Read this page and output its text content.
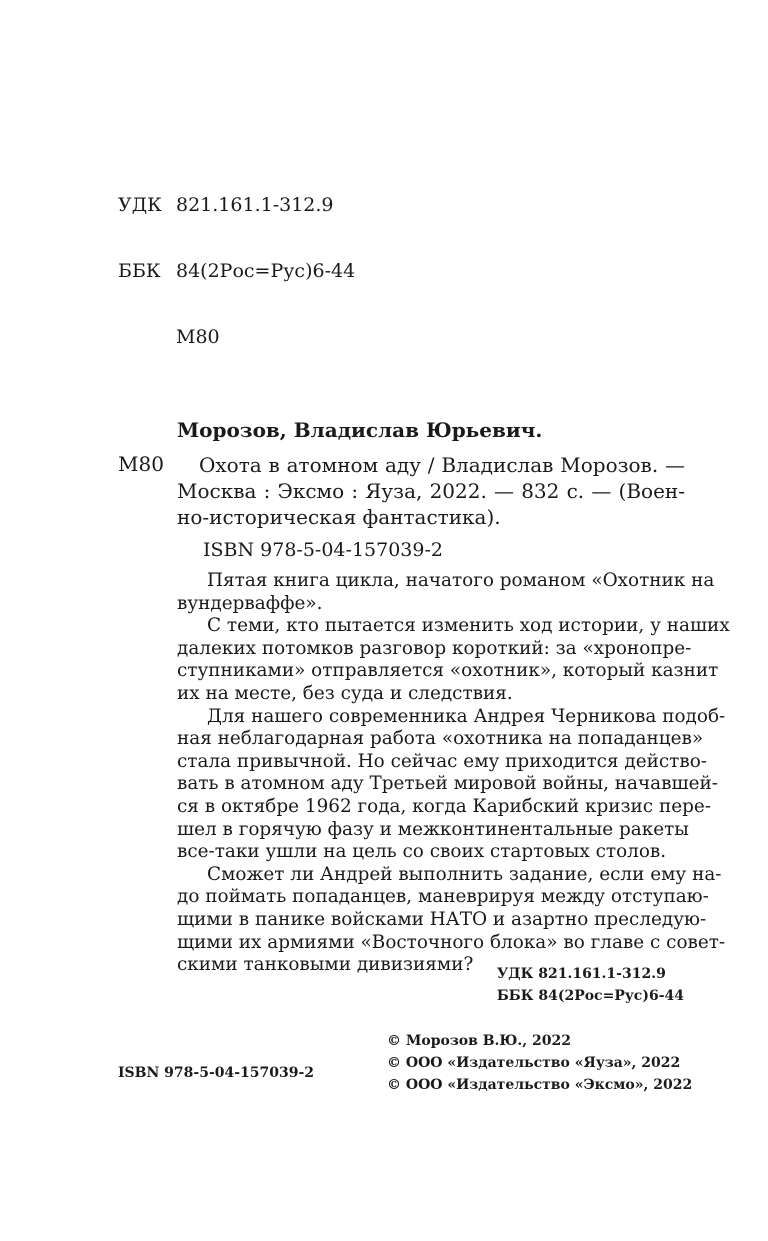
УДК 821.161.1-312.9

ББК 84(2Рос=Рус)6-44

М80

Морозов, Владислав Юрьевич.
М80	Охота в атомном аду / Владислав Морозов. —
Москва : Эксмо : Яуза, 2022. — 832 с. — (Воен-
но-историческая фантастика).
ISBN 978-5-04-157039-2
Пятая книга цикла, начатого романом «Охотник на
вундерваффе».
С теми, кто пытается изменить ход истории, у наших
далеких потомков разговор короткий: за «хронопре-
ступниками» отправляется «охотник», который казнит
их на месте, без суда и следствия.
Для нашего современника Андрея Черникова подоб-
ная неблагодарная работа «охотника на попаданцев»
стала привычной. Но сейчас ему приходится действо-
вать в атомном аду Третьей мировой войны, начавшей-
ся в октябре 1962 года, когда Карибский кризис пере-
шел в горячую фазу и межконтинентальные ракеты
все-таки ушли на цель со своих стартовых столов.
Сможет ли Андрей выполнить задание, если ему на-
до поймать попаданцев, маневрируя между отступаю-
щими в панике войсками НАТО и азартно преследую-
щими их армиями «Восточного блока» во главе с совет-
скими танковыми дивизиями?	УДК 821.161.1-312.9
ББК 84(2Рос=Рус)6-44
© Морозов В.Ю., 2022
© ООО «Издательство «Яуза», 2022
© ООО «Издательство «Эксмо», 2022
ISBN 978-5-04-157039-2
